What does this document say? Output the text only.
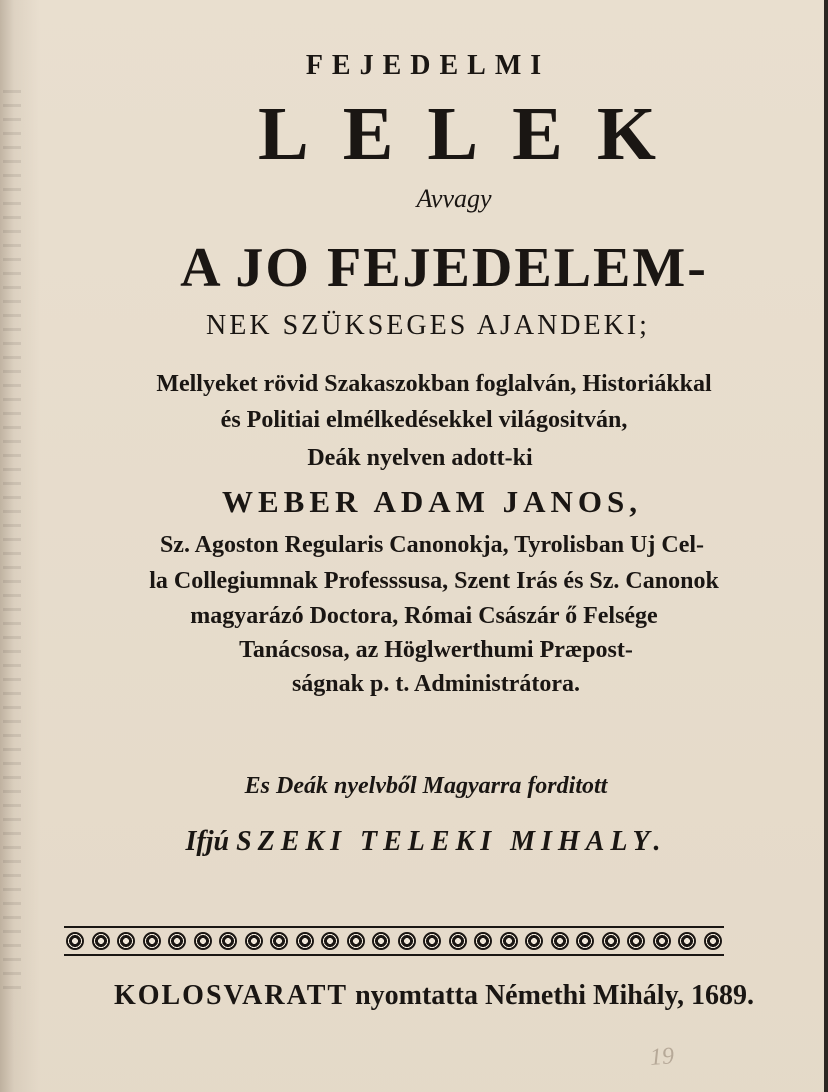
FEJEDELMI
LELEK
Avvagy
A JO FEJEDELEM-
NEK SZÜKSEGES AJANDEKI;
Mellyeket rövid Szakaszokban foglalván, Historiákkal
és Politiai elmélkedésekkel világositván,
Deák nyelven adott-ki
WEBER ADAM JANOS,
Sz. Agoston Regularis Canonokja, Tyrolisban Uj Cel-
la Collegiumnak Professsusa, Szent Irás és Sz. Canonok
magyarázó Doctora, Római Császár ő Felsége
Tanácsosa, az Höglwerthumi Præpost-
ságnak p. t. Administrátora.
Es Deák nyelvből Magyarra forditott
Ifjú SZEKI TELEKI MIHALY.
KOLOSVARATT nyomtatta Némethi Mihály, 1689.
19
